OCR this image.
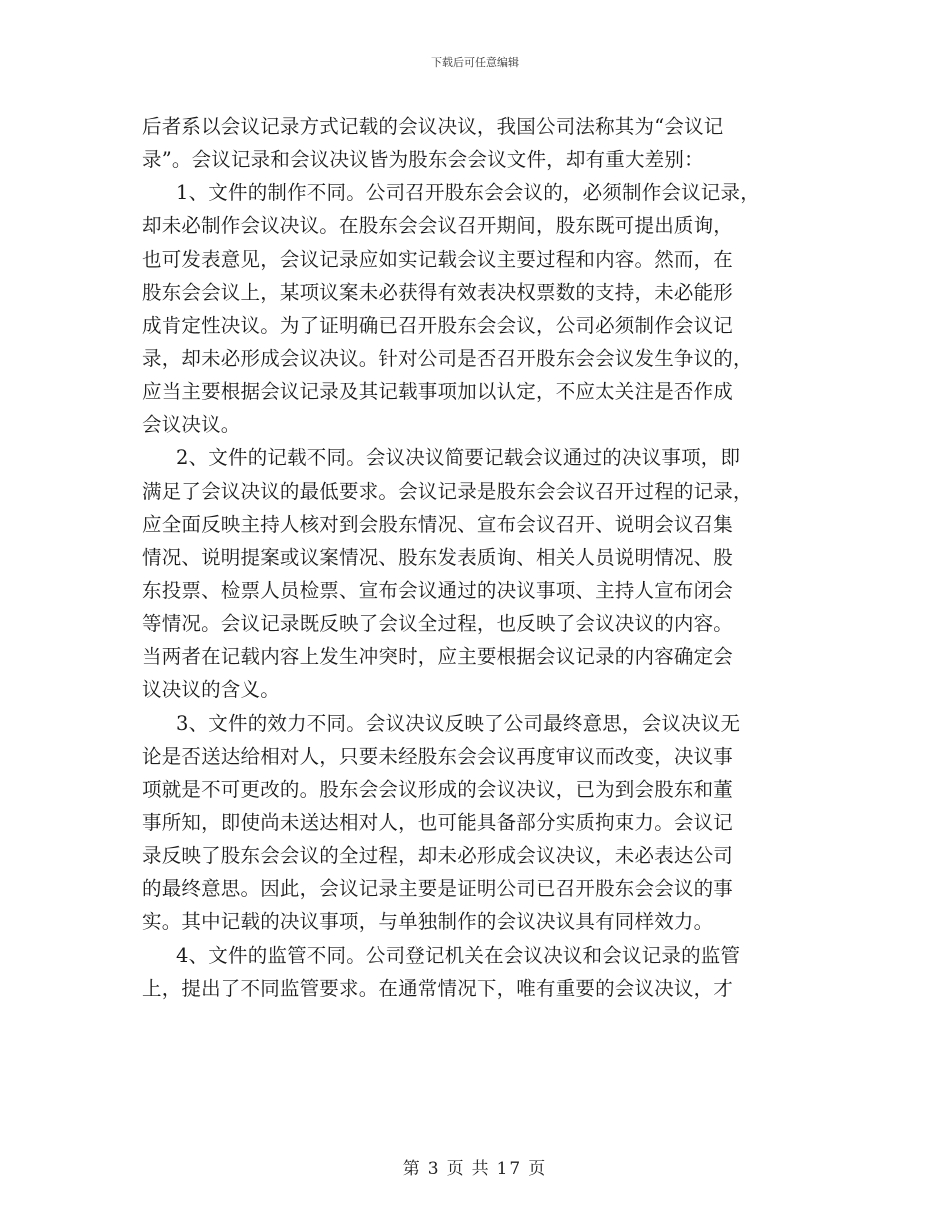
下载后可任意编辑
后者系以会议记录方式记载的会议决议，我国公司法称其为“会议记
录”。会议记录和会议决议皆为股东会会议文件，却有重大差别：
1、文件的制作不同。公司召开股东会会议的，必须制作会议记录，
却未必制作会议决议。在股东会会议召开期间，股东既可提出质询，
也可发表意见，会议记录应如实记载会议主要过程和内容。然而，在
股东会会议上，某项议案未必获得有效表决权票数的支持，未必能形
成肯定性决议。为了证明确已召开股东会会议，公司必须制作会议记
录，却未必形成会议决议。针对公司是否召开股东会会议发生争议的，
应当主要根据会议记录及其记载事项加以认定，不应太关注是否作成
会议决议。
2、文件的记载不同。会议决议简要记载会议通过的决议事项，即
满足了会议决议的最低要求。会议记录是股东会会议召开过程的记录，
应全面反映主持人核对到会股东情况、宣布会议召开、说明会议召集
情况、说明提案或议案情况、股东发表质询、相关人员说明情况、股
东投票、检票人员检票、宣布会议通过的决议事项、主持人宣布闭会
等情况。会议记录既反映了会议全过程，也反映了会议决议的内容。
当两者在记载内容上发生冲突时，应主要根据会议记录的内容确定会
议决议的含义。
3、文件的效力不同。会议决议反映了公司最终意思，会议决议无
论是否送达给相对人，只要未经股东会会议再度审议而改变，决议事
项就是不可更改的。股东会会议形成的会议决议，已为到会股东和董
事所知，即使尚未送达相对人，也可能具备部分实质拘束力。会议记
录反映了股东会会议的全过程，却未必形成会议决议，未必表达公司
的最终意思。因此，会议记录主要是证明公司已召开股东会会议的事
实。其中记载的决议事项，与单独制作的会议决议具有同样效力。
4、文件的监管不同。公司登记机关在会议决议和会议记录的监管
上，提出了不同监管要求。在通常情况下，唯有重要的会议决议，才
第 3 页 共 17 页
